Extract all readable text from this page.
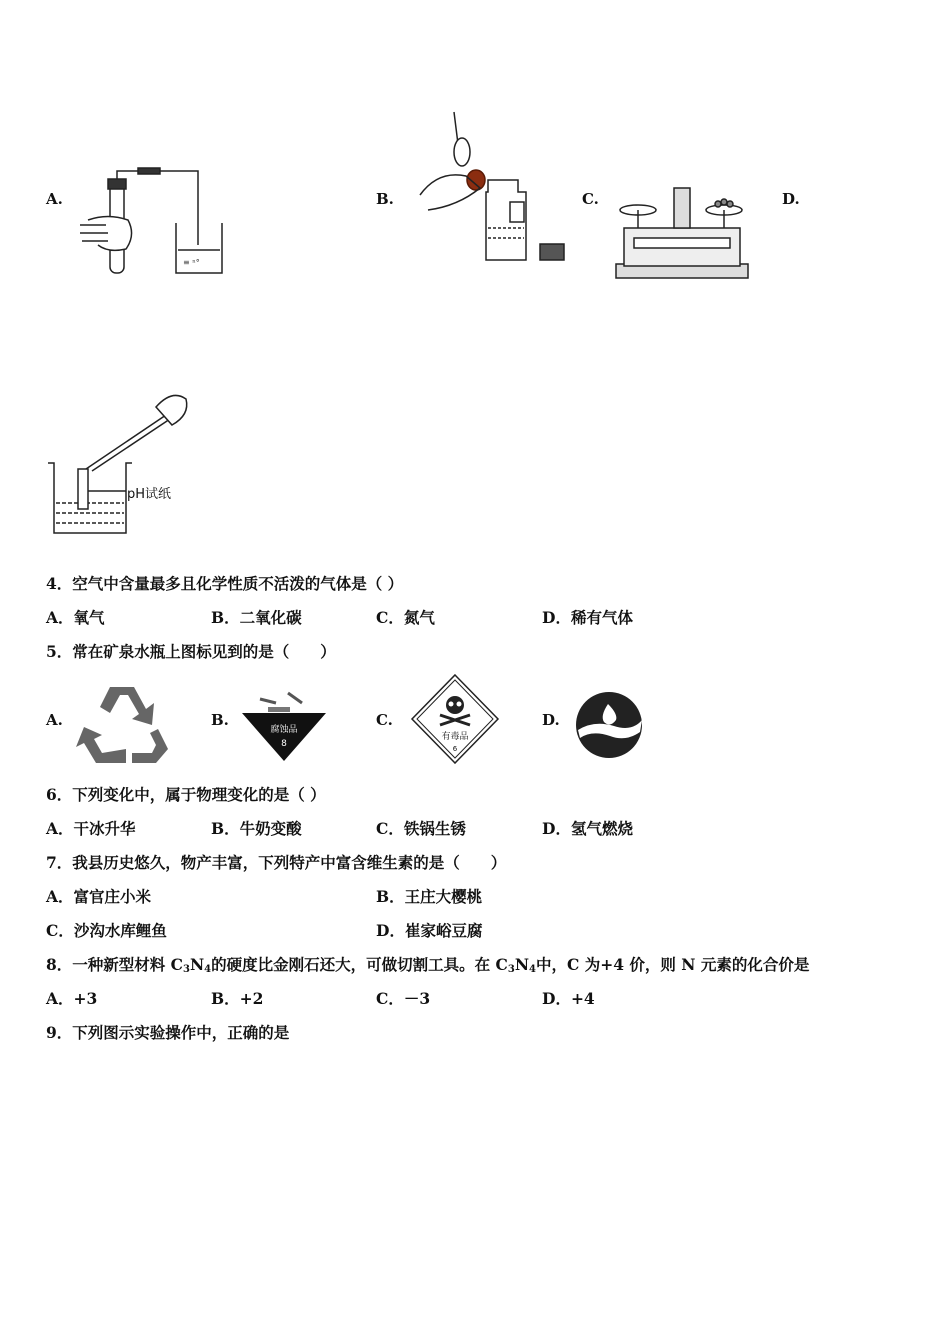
A.	B.	C.	D.
≡ ⁿ°
pH试纸
4．空气中含量最多且化学性质不活泼的气体是（ ）
A．氧气	B．二氧化碳	C．氮气	D．稀有气体
5．常在矿泉水瓶上图标见到的是（　　）
A.	B.	C.	D.
腐蚀品
8
有毒品
6
6．下列变化中，属于物理变化的是（ ）
A．干冰升华	B．牛奶变酸	C．铁锅生锈	D．氢气燃烧
7．我县历史悠久，物产丰富，下列特产中富含维生素的是（　　）
A．富官庄小米	B．王庄大樱桃
C．沙沟水库鲤鱼	D．崔家峪豆腐
8．一种新型材料 $C_3N_4$的硬度比金刚石还大，可做切割工具。在 $C_3N_4$中，C 为+4 价，则 N 元素的化合价是
A．+3	B．+2	C．－3	D．+4
9．下列图示实验操作中，正确的是
